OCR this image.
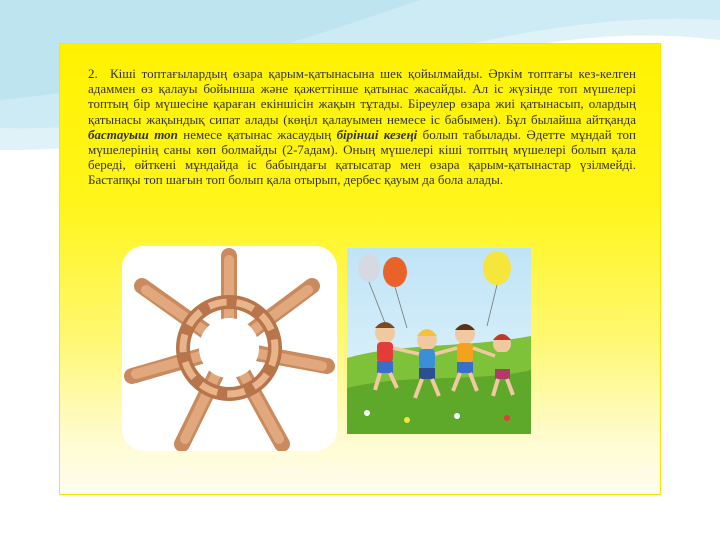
2. Кіші топтағылардың өзара қарым-қатынасына шек қойылмайды. Әркім топтағы кез-келген адаммен өз қалауы бойынша және қажеттінше қатынас жасайды. Ал іс жүзінде топ мүшелері топтың бір мүшесіне қараған екіншісін жақын тұтады. Біреулер өзара жиі қатынасып, олардың қатынасы жақындық сипат алады (көңіл қалауымен немесе іс бабымен). Бұл былайша айтқанда бастауыш топ немесе қатынас жасаудың бірінші кезеңі болып табылады. Әдетте мұндай топ мүшелерінің саны көп болмайды (2-7адам). Оның мүшелері кіші топтың мүшелері болып қала береді, өйткені мұндайда іс бабындағы қатысатар мен өзара қарым-қатынастар үзілмейді. Бастапқы топ шағын топ болып қала отырып, дербес қауым да бола алады.
